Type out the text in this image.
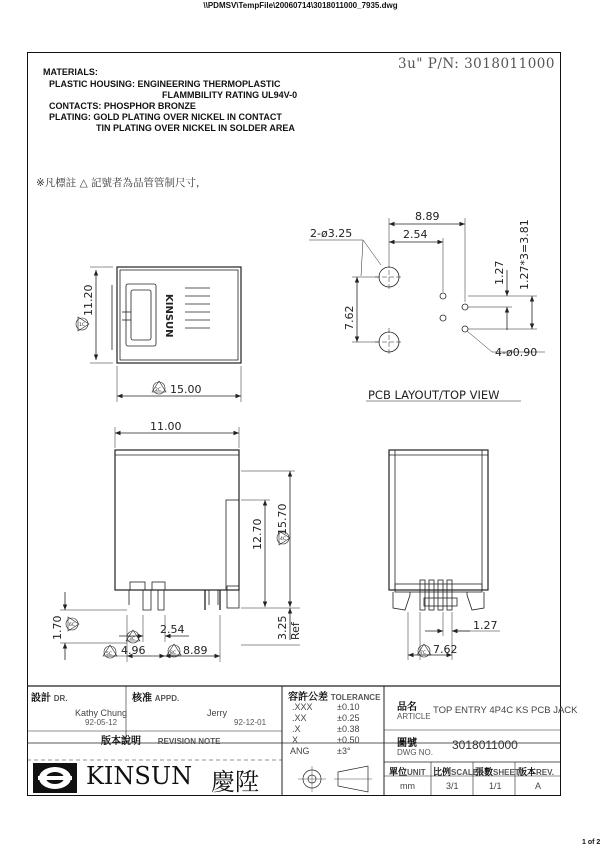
\\PDMSV\TempFile\20060714\3018011000_7935.dwg
3u" P/N: 3018011000
MATERIALS:
PLASTIC HOUSING: ENGINEERING THERMOPLASTIC
FLAMMBILITY RATING UL94V-0
CONTACTS: PHOSPHOR BRONZE
PLATING: GOLD PLATING OVER NICKEL IN CONTACT
TIN PLATING OVER NICKEL IN SOLDER AREA
※凡標註 △ 記號者為品管管制尺寸，
KINSUN
8.89
2.54
2-ø3.25
1.27 1.27*3=3.81
7.62
4-ø0.90
PCB LAYOUT/TOP VIEW
11.20
15.00
11.00
15.70
12.70
1.70	2.54
4.96	8.89
3.25 Ref	1.27
7.62
2C
1C
4C
6C
3C
5C	8C	7C
設計 DR.
Kathy Chung
92-05-12
核准 APPD.
Jerry
92-12-01
版本說明 REVISION NOTE
容許公差 TOLERANCE
.XXX	±0.10
.XX	±0.25
.X	±0.38
X	±0.50
ANG	±3°
品名
ARTICLE
TOP ENTRY 4P4C KS PCB JACK
圖號
DWG NO.
3018011000
KINSUN 慶陞	單位UNIT
mm
比例SCALE
3/1
張數SHEET
1/1
版本REV.
A
1 of 2
